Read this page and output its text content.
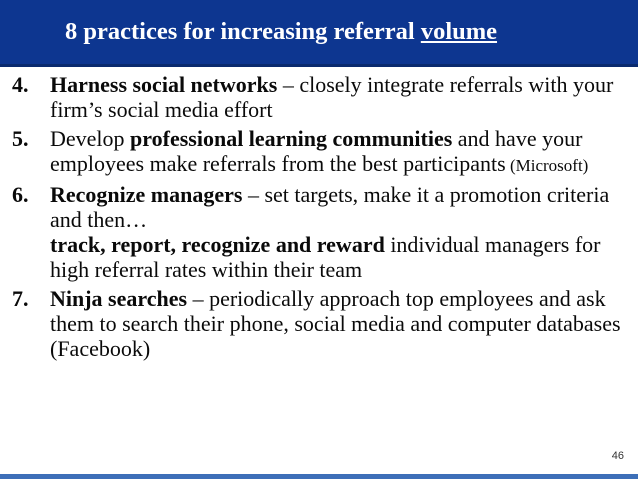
8 practices for increasing referral volume
4. Harness social networks – closely integrate referrals with your firm’s social media effort
5. Develop professional learning communities and have your employees make referrals from the best participants (Microsoft)
6. Recognize managers – set targets, make it a promotion criteria and then…
track, report, recognize and reward individual managers for high referral rates within their team
7. Ninja searches – periodically approach top employees and ask them to search their phone, social media and computer databases (Facebook)
46
